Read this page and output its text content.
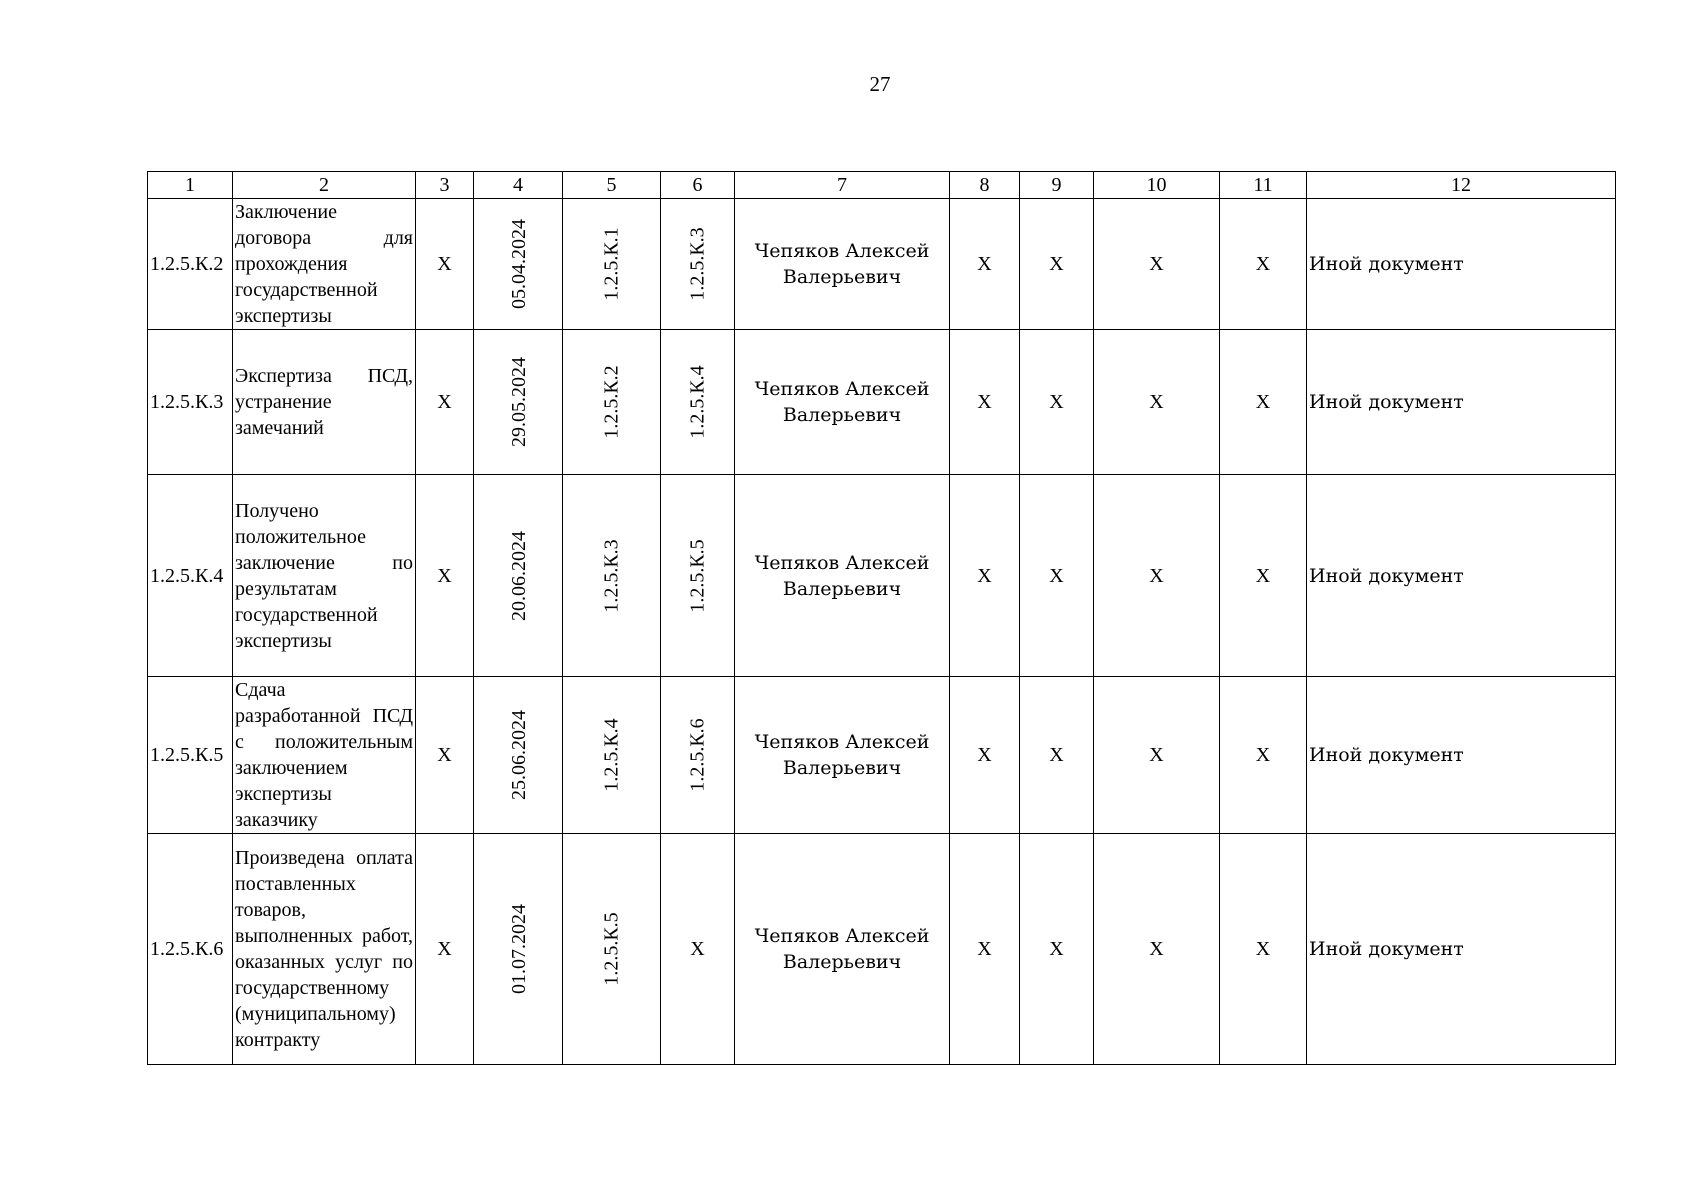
27
1	2	3	4	5	6	7	8	9	10	11	12
1.2.5.К.2	Заключение договора для прохождения государственной экспертизы	X	05.04.2024	1.2.5.К.1	1.2.5.К.3	Чепяков Алексей Валерьевич	X	X	X	X	Иной документ
1.2.5.К.3	Экспертиза ПСД, устранение замечаний	X	29.05.2024	1.2.5.К.2	1.2.5.К.4	Чепяков Алексей Валерьевич	X	X	X	X	Иной документ
1.2.5.К.4	Получено положительное заключение по результатам государственной экспертизы	X	20.06.2024	1.2.5.К.3	1.2.5.К.5	Чепяков Алексей Валерьевич	X	X	X	X	Иной документ
1.2.5.К.5	Сдача разработанной ПСД с положительным заключением экспертизы заказчику	X	25.06.2024	1.2.5.К.4	1.2.5.К.6	Чепяков Алексей Валерьевич	X	X	X	X	Иной документ
1.2.5.К.6	Произведена оплата поставленных товаров, выполненных работ, оказанных услуг по государственному (муниципальному) контракту	X	01.07.2024	1.2.5.К.5	X	Чепяков Алексей Валерьевич	X	X	X	X	Иной документ
